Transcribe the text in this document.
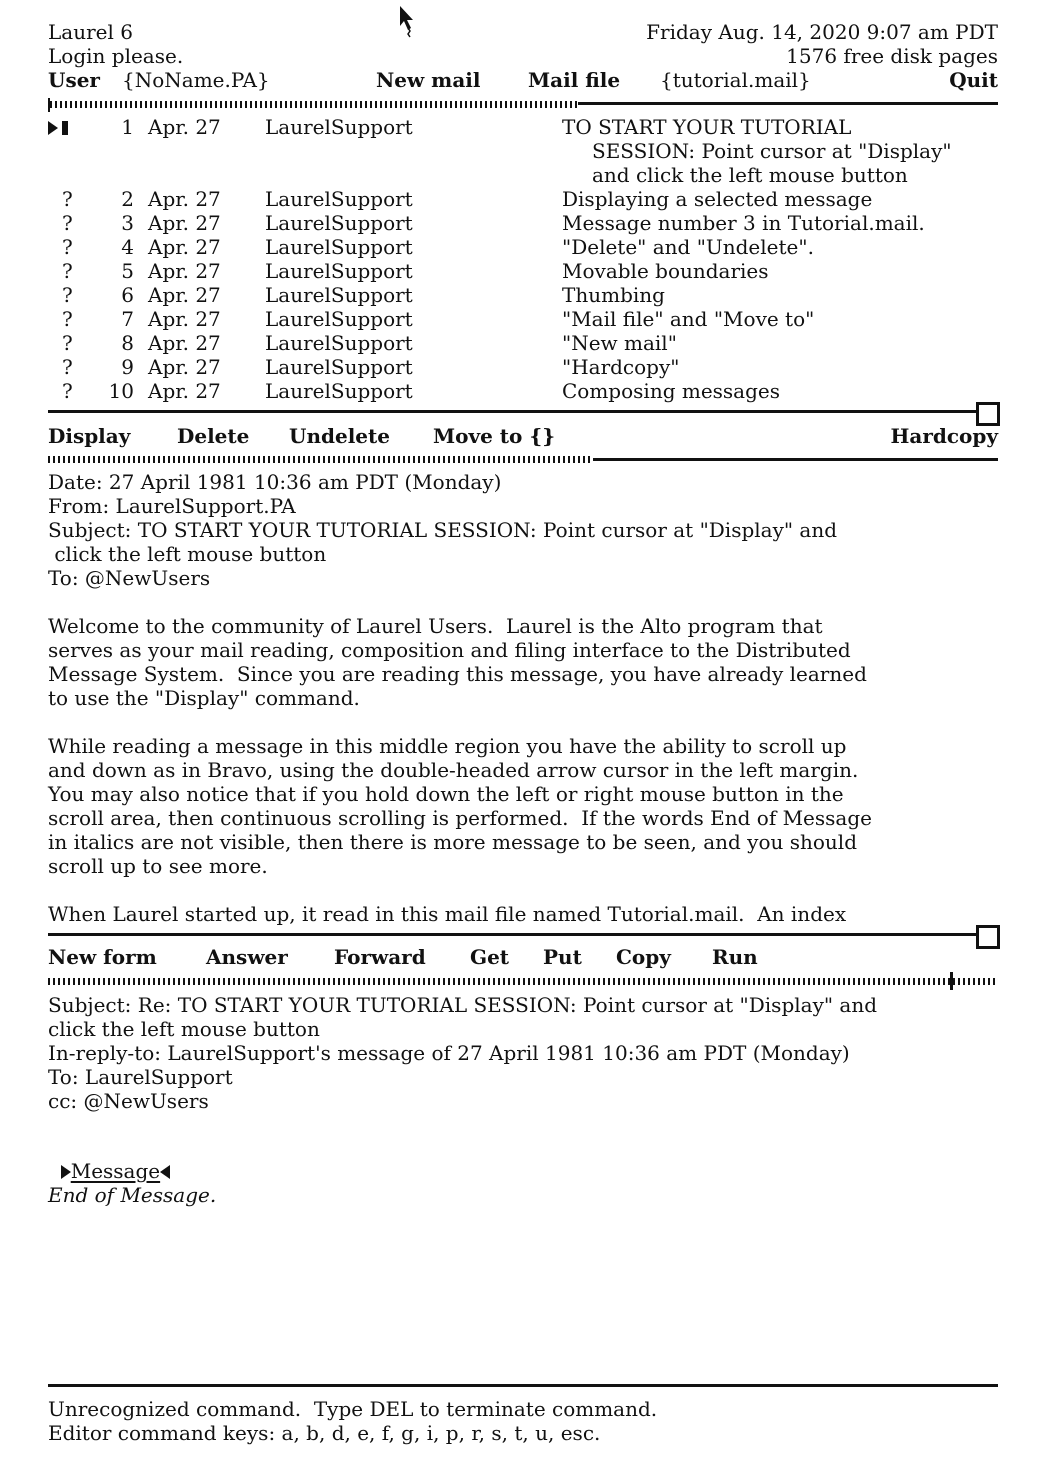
Laurel 6	Friday Aug. 14, 2020 9:07 am PDT
Login please.	1576 free disk pages
User {NoName.PA}	New mail Mail file {tutorial.mail}	Quit
1 Apr. 27 LaurelSupport	TO START YOUR TUTORIAL
SESSION: Point cursor at "Display"
and click the left mouse button
? 2 Apr. 27 LaurelSupport	Displaying a selected message
? 3 Apr. 27 LaurelSupport	Message number 3 in Tutorial.mail.
? 4 Apr. 27 LaurelSupport	"Delete" and "Undelete".
? 5 Apr. 27 LaurelSupport	Movable boundaries
? 6 Apr. 27 LaurelSupport	Thumbing
? 7 Apr. 27 LaurelSupport	"Mail file" and "Move to"
? 8 Apr. 27 LaurelSupport	"New mail"
? 9 Apr. 27 LaurelSupport	"Hardcopy"
? 10 Apr. 27 LaurelSupport	Composing messages
Display Delete Undelete Move to {}	Hardcopy
Date: 27 April 1981 10:36 am PDT (Monday)
From: LaurelSupport.PA
Subject: TO START YOUR TUTORIAL SESSION: Point cursor at "Display" and
click the left mouse button
To: @NewUsers
Welcome to the community of Laurel Users.  Laurel is the Alto program that
serves as your mail reading, composition and filing interface to the Distributed
Message System.  Since you are reading this message, you have already learned
to use the "Display" command.
While reading a message in this middle region you have the ability to scroll up
and down as in Bravo, using the double-headed arrow cursor in the left margin.
You may also notice that if you hold down the left or right mouse button in the
scroll area, then continuous scrolling is performed.  If the words End of Message
in italics are not visible, then there is more message to be seen, and you should
scroll up to see more.
When Laurel started up, it read in this mail file named Tutorial.mail.  An index
New form Answer Forward Get Put Copy Run
Subject: Re: TO START YOUR TUTORIAL SESSION: Point cursor at "Display" and
click the left mouse button
In-reply-to: LaurelSupport's message of 27 April 1981 10:36 am PDT (Monday)
To: LaurelSupport
cc: @NewUsers

Message

End of Message.
Unrecognized command.  Type DEL to terminate command.
Editor command keys: a, b, d, e, f, g, i, p, r, s, t, u, esc.
